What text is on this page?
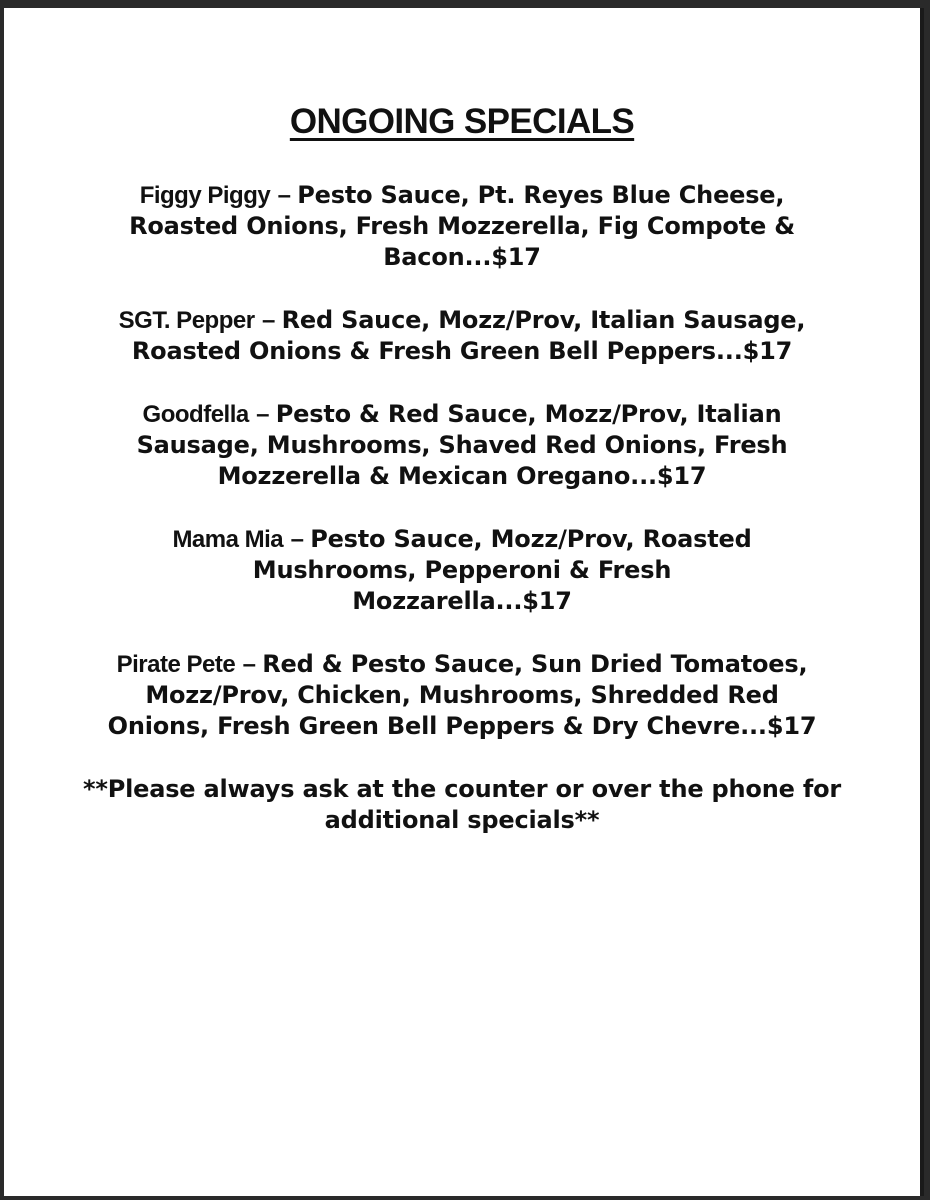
ONGOING SPECIALS
Figgy Piggy – Pesto Sauce, Pt. Reyes Blue Cheese, Roasted Onions, Fresh Mozzerella, Fig Compote & Bacon...$17
SGT. Pepper – Red Sauce, Mozz/Prov, Italian Sausage, Roasted Onions & Fresh Green Bell Peppers...$17
Goodfella – Pesto & Red Sauce, Mozz/Prov, Italian Sausage, Mushrooms, Shaved Red Onions, Fresh Mozzerella & Mexican Oregano...$17
Mama Mia – Pesto Sauce, Mozz/Prov, Roasted Mushrooms, Pepperoni & Fresh Mozzarella...$17
Pirate Pete – Red & Pesto Sauce, Sun Dried Tomatoes, Mozz/Prov, Chicken, Mushrooms, Shredded Red Onions, Fresh Green Bell Peppers & Dry Chevre...$17
**Please always ask at the counter or over the phone for additional specials**
